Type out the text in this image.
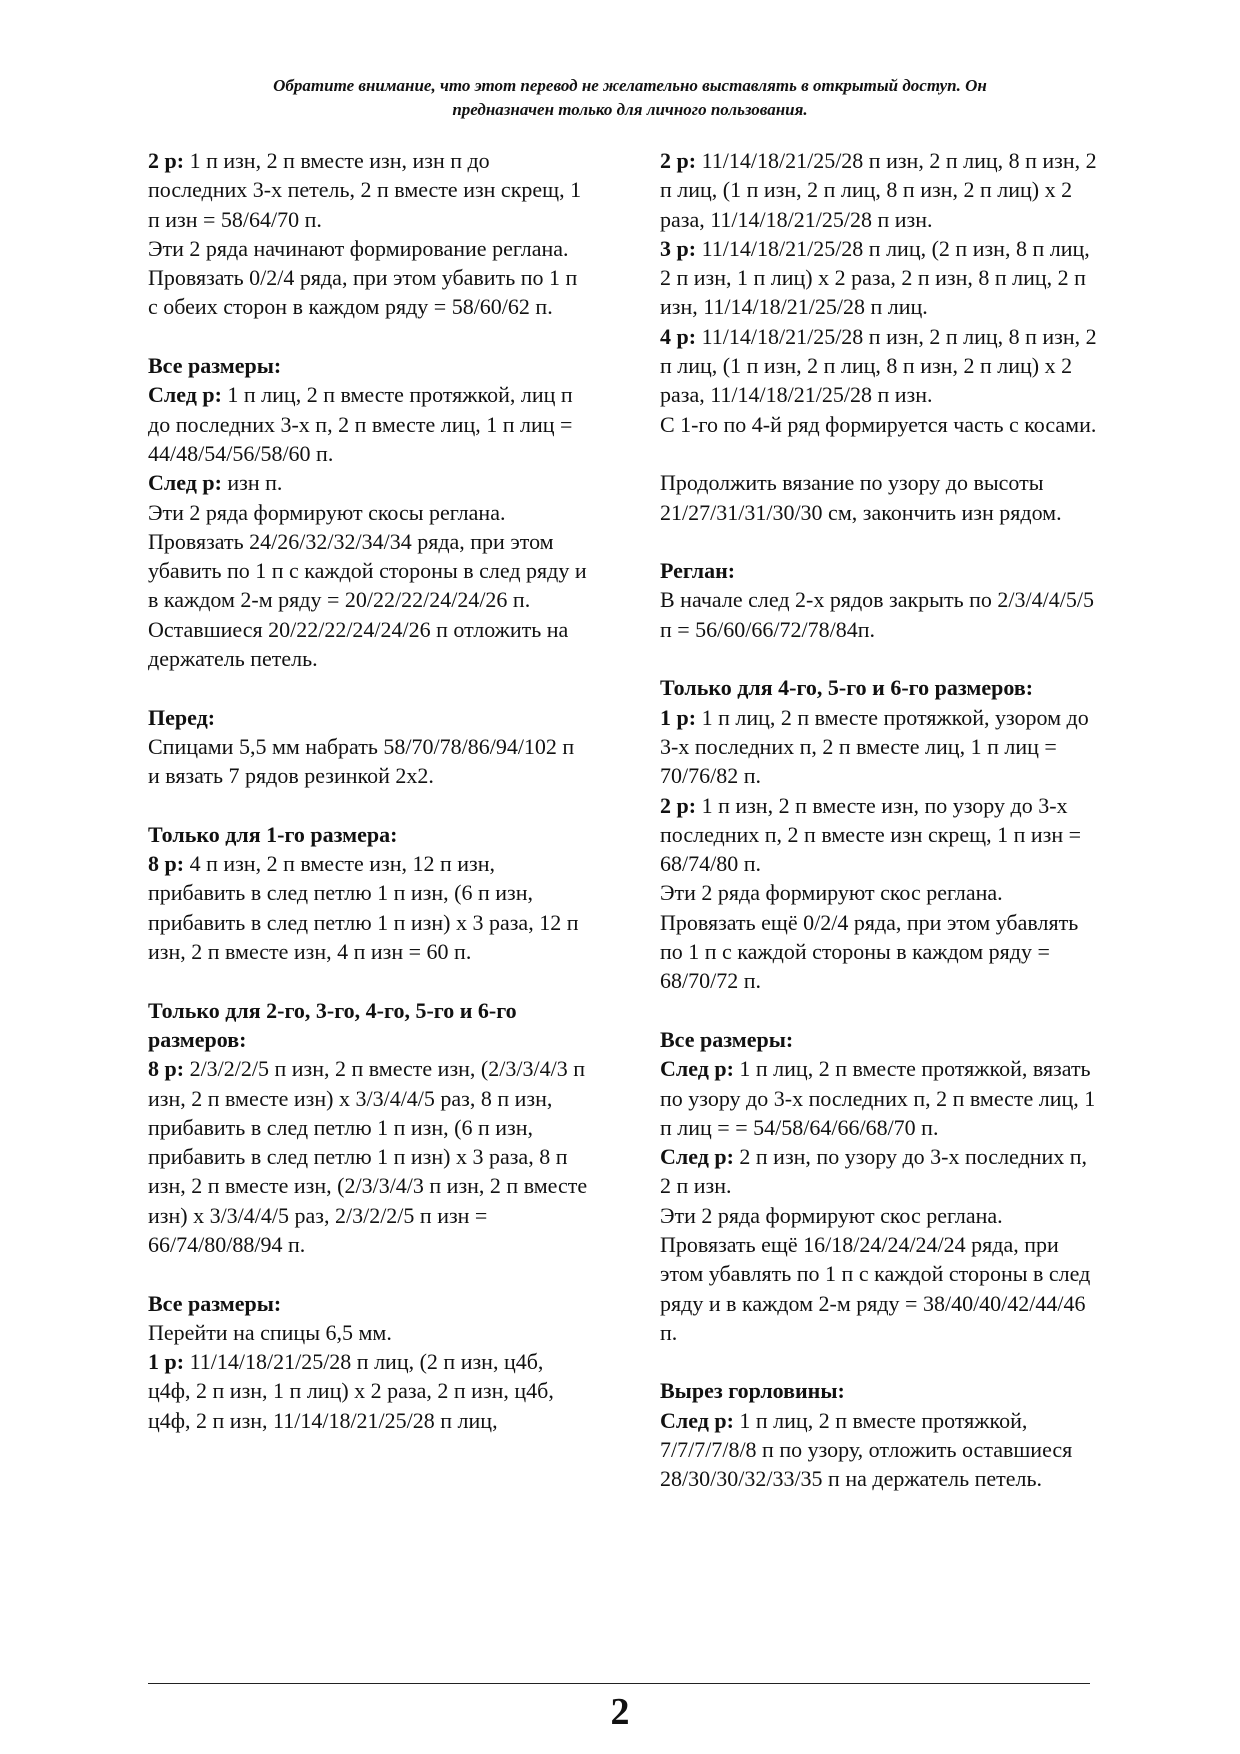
Обратите внимание, что этот перевод не желательно выставлять в открытый доступ. Он
предназначен только для личного пользования.

2 р: 1 п изн, 2 п вместе изн, изн п до последних 3-х петель, 2 п вместе изн скрещ, 1 п изн = 58/64/70 п.

Эти 2 ряда начинают формирование реглана. Провязать 0/2/4 ряда, при этом убавить по 1 п с обеих сторон в каждом ряду = 58/60/62 п.

Все размеры:

След р: 1 п лиц, 2 п вместе протяжкой, лиц п до последних 3-х п, 2 п вместе лиц, 1 п лиц = 44/48/54/56/58/60 п.

След р: изн п.

Эти 2 ряда формируют скосы реглана. Провязать 24/26/32/32/34/34 ряда, при этом убавить по 1 п с каждой стороны в след ряду и в каждом 2-м ряду = 20/22/22/24/24/26 п.

Оставшиеся 20/22/22/24/24/26 п отложить на держатель петель.

Перед:

Спицами 5,5 мм набрать 58/70/78/86/94/102 п и вязать 7 рядов резинкой 2х2.

Только для 1-го размера:

8 р: 4 п изн, 2 п вместе изн, 12 п изн, прибавить в след петлю 1 п изн, (6 п изн, прибавить в след петлю 1 п изн) х 3 раза, 12 п изн, 2 п вместе изн, 4 п изн = 60 п.

Только для 2-го, 3-го, 4-го, 5-го и 6-го размеров:

8 р: 2/3/2/2/5 п изн, 2 п вместе изн, (2/3/3/4/3 п изн, 2 п вместе изн) х 3/3/4/4/5 раз, 8 п изн, прибавить в след петлю 1 п изн, (6 п изн, прибавить в след петлю 1 п изн) х 3 раза, 8 п изн, 2 п вместе изн, (2/3/3/4/3 п изн, 2 п вместе изн) х 3/3/4/4/5 раз, 2/3/2/2/5 п изн = 66/74/80/88/94 п.

Все размеры:

Перейти на спицы 6,5 мм.

1 р: 11/14/18/21/25/28 п лиц, (2 п изн, ц4б, ц4ф, 2 п изн, 1 п лиц) х 2 раза, 2 п изн, ц4б, ц4ф, 2 п изн, 11/14/18/21/25/28 п лиц,

2 р: 11/14/18/21/25/28 п изн, 2 п лиц, 8 п изн, 2 п лиц, (1 п изн, 2 п лиц, 8 п изн, 2 п лиц) х 2 раза, 11/14/18/21/25/28 п изн.

3 р: 11/14/18/21/25/28 п лиц, (2 п изн, 8 п лиц, 2 п изн, 1 п лиц) х 2 раза, 2 п изн, 8 п лиц, 2 п изн, 11/14/18/21/25/28 п лиц.

4 р: 11/14/18/21/25/28 п изн, 2 п лиц, 8 п изн, 2 п лиц, (1 п изн, 2 п лиц, 8 п изн, 2 п лиц) х 2 раза, 11/14/18/21/25/28 п изн.

С 1-го по 4-й ряд формируется часть с косами.

Продолжить вязание по узору до высоты 21/27/31/31/30/30 см, закончить изн рядом.

Реглан:

В начале след 2-х рядов закрыть по 2/3/4/4/5/5 п = 56/60/66/72/78/84п.

Только для 4-го, 5-го и 6-го размеров:

1 р: 1 п лиц, 2 п вместе протяжкой, узором до 3-х последних п, 2 п вместе лиц, 1 п лиц = 70/76/82 п.

2 р: 1 п изн, 2 п вместе изн, по узору до 3-х последних п, 2 п вместе изн скрещ, 1 п изн = 68/74/80 п.

Эти 2 ряда формируют скос реглана. Провязать ещё 0/2/4 ряда, при этом убавлять по 1 п с каждой стороны в каждом ряду = 68/70/72 п.

Все размеры:

След р: 1 п лиц, 2 п вместе протяжкой, вязать по узору до 3-х последних п, 2 п вместе лиц, 1 п лиц = = 54/58/64/66/68/70 п.

След р: 2 п изн, по узору до 3-х последних п, 2 п изн.

Эти 2 ряда формируют скос реглана. Провязать ещё 16/18/24/24/24/24 ряда, при этом убавлять по 1 п с каждой стороны в след ряду и в каждом 2-м ряду = 38/40/40/42/44/46 п.

Вырез горловины:

След р: 1 п лиц, 2 п вместе протяжкой, 7/7/7/7/8/8 п по узору, отложить оставшиеся 28/30/30/32/33/35 п на держатель петель.

2
